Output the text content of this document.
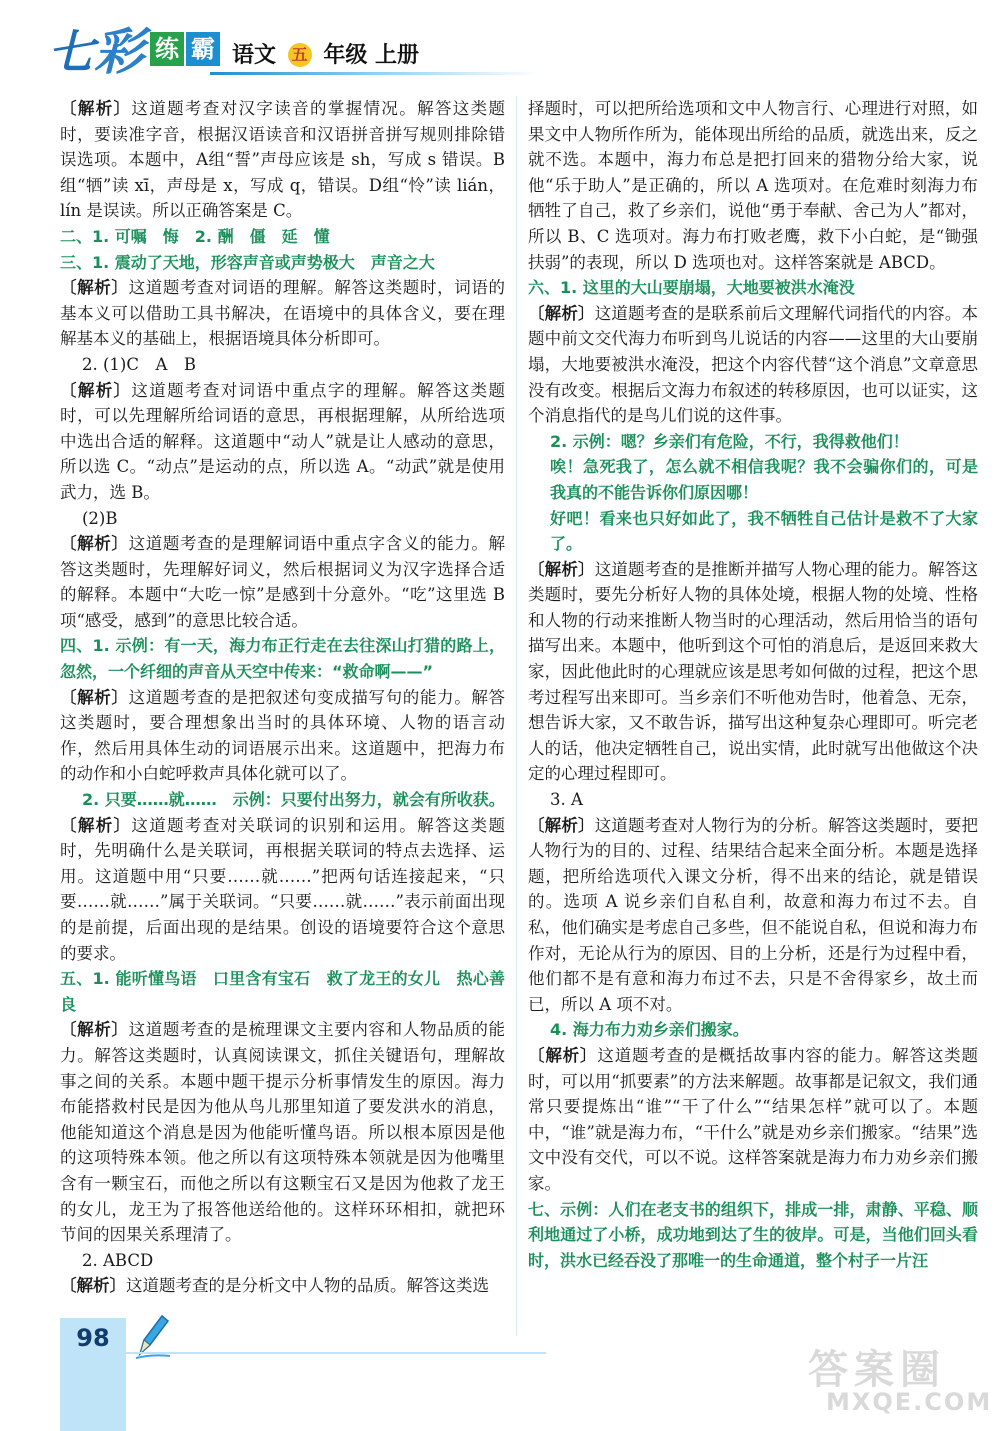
七 彩 练 霸 语文 五 年级 上册

〔解析〕这道题考查对汉字读音的掌握情况。解答这类题时，要读准字音，根据汉语读音和汉语拼音拼写规则排除错误选项。本题中，A组“誓”声母应该是 sh，写成 s 错误。B组“牺”读 xī，声母是 x，写成 q，错误。D组“怜”读 lián，lín 是误读。所以正确答案是 C。

二、1. 可嘱　悔　2. 酬　僵　延　懂

三、1. 震动了天地，形容声音或声势极大　声音之大

〔解析〕这道题考查对词语的理解。解答这类题时，词语的基本义可以借助工具书解决，在语境中的具体含义，要在理解基本义的基础上，根据语境具体分析即可。

2. (1)C　A　B

〔解析〕这道题考查对词语中重点字的理解。解答这类题时，可以先理解所给词语的意思，再根据理解，从所给选项中选出合适的解释。这道题中“动人”就是让人感动的意思，所以选 C。“动点”是运动的点，所以选 A。“动武”就是使用武力，选 B。

(2)B

〔解析〕这道题考查的是理解词语中重点字含义的能力。解答这类题时，先理解好词义，然后根据词义为汉字选择合适的解释。本题中“大吃一惊”是感到十分意外。“吃”这里选 B 项“感受，感到”的意思比较合适。

四、1. 示例：有一天，海力布正行走在去往深山打猎的路上，忽然，一个纤细的声音从天空中传来：“救命啊——”

〔解析〕这道题考查的是把叙述句变成描写句的能力。解答这类题时，要合理想象出当时的具体环境、人物的语言动作，然后用具体生动的词语展示出来。这道题中，把海力布的动作和小白蛇呼救声具体化就可以了。

2. 只要……就……　示例：只要付出努力，就会有所收获。

〔解析〕这道题考查对关联词的识别和运用。解答这类题时，先明确什么是关联词，再根据关联词的特点去选择、运用。这道题中用“只要……就……”把两句话连接起来，“只要……就……”属于关联词。“只要……就……”表示前面出现的是前提，后面出现的是结果。创设的语境要符合这个意思的要求。

五、1. 能听懂鸟语　口里含有宝石　救了龙王的女儿　热心善良

〔解析〕这道题考查的是梳理课文主要内容和人物品质的能力。解答这类题时，认真阅读课文，抓住关键语句，理解故事之间的关系。本题中题干提示分析事情发生的原因。海力布能搭救村民是因为他从鸟儿那里知道了要发洪水的消息，他能知道这个消息是因为他能听懂鸟语。所以根本原因是他的这项特殊本领。他之所以有这项特殊本领就是因为他嘴里含有一颗宝石，而他之所以有这颗宝石又是因为他救了龙王的女儿，龙王为了报答他送给他的。这样环环相扣，就把环节间的因果关系理清了。

2. ABCD

〔解析〕这道题考查的是分析文中人物的品质。解答这类选

择题时，可以把所给选项和文中人物言行、心理进行对照，如果文中人物所作所为，能体现出所给的品质，就选出来，反之就不选。本题中，海力布总是把打回来的猎物分给大家，说他“乐于助人”是正确的，所以 A 选项对。在危难时刻海力布牺牲了自己，救了乡亲们，说他“勇于奉献、舍己为人”都对，所以 B、C 选项对。海力布打败老鹰，救下小白蛇，是“锄强扶弱”的表现，所以 D 选项也对。这样答案就是 ABCD。

六、1. 这里的大山要崩塌，大地要被洪水淹没

〔解析〕这道题考查的是联系前后文理解代词指代的内容。本题中前文交代海力布听到鸟儿说话的内容——这里的大山要崩塌，大地要被洪水淹没，把这个内容代替“这个消息”文章意思没有改变。根据后文海力布叙述的转移原因，也可以证实，这个消息指代的是鸟儿们说的这件事。

2. 示例：嗯？乡亲们有危险，不行，我得救他们！

唉！急死我了，怎么就不相信我呢？我不会骗你们的，可是我真的不能告诉你们原因哪！

好吧！看来也只好如此了，我不牺牲自己估计是救不了大家了。

〔解析〕这道题考查的是推断并描写人物心理的能力。解答这类题时，要先分析好人物的具体处境，根据人物的处境、性格和人物的行动来推断人物当时的心理活动，然后用恰当的语句描写出来。本题中，他听到这个可怕的消息后，是返回来救大家，因此他此时的心理就应该是思考如何做的过程，把这个思考过程写出来即可。当乡亲们不听他劝告时，他着急、无奈，想告诉大家，又不敢告诉，描写出这种复杂心理即可。听完老人的话，他决定牺牲自己，说出实情，此时就写出他做这个决定的心理过程即可。

3. A

〔解析〕这道题考查对人物行为的分析。解答这类题时，要把人物行为的目的、过程、结果结合起来全面分析。本题是选择题，把所给选项代入课文分析，得不出来的结论，就是错误的。选项 A 说乡亲们自私自利，故意和海力布过不去。自私，他们确实是考虑自己多些，但不能说自私，但说和海力布作对，无论从行为的原因、目的上分析，还是行为过程中看，他们都不是有意和海力布过不去，只是不舍得家乡，故土而已，所以 A 项不对。

4. 海力布力劝乡亲们搬家。

〔解析〕这道题考查的是概括故事内容的能力。解答这类题时，可以用“抓要素”的方法来解题。故事都是记叙文，我们通常只要提炼出“谁”“干了什么”“结果怎样”就可以了。本题中，“谁”就是海力布，“干什么”就是劝乡亲们搬家。“结果”选文中没有交代，可以不说。这样答案就是海力布力劝乡亲们搬家。

七、示例：人们在老支书的组织下，排成一排，肃静、平稳、顺利地通过了小桥，成功地到达了生的彼岸。可是，当他们回头看时，洪水已经吞没了那唯一的生命通道，整个村子一片汪

98
答案圈
MXQE.COM
